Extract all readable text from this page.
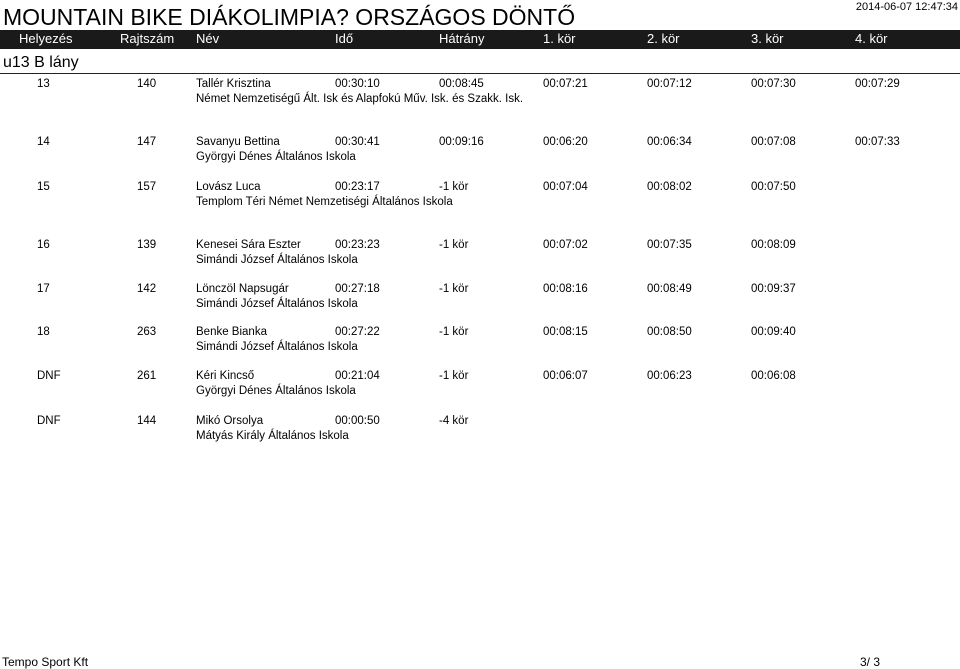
MOUNTAIN BIKE DIÁKOLIMPIA? ORSZÁGOS DÖNTŐ	2014-06-07 12:47:34
Helyezés	Rajtszám Név	Idő	Hátrány	1. kör	2. kör	3. kör	4. kör
u13 B lány
13	140	Tallér Krisztina
Német Nemzetiségű Ált. Isk és Alapfokú Műv. Isk. és Szakk. Isk.
00:30:10	00:08:45	00:07:21	00:07:12	00:07:30	00:07:29
14	147	Savanyu Bettina
Györgyi Dénes Általános Iskola
00:30:41	00:09:16	00:06:20	00:06:34	00:07:08	00:07:33
15	157	Lovász Luca
Templom Téri Német Nemzetiségi Általános Iskola
00:23:17	-1 kör	00:07:04	00:08:02	00:07:50
16	139	Kenesei Sára Eszter
Simándi József Általános Iskola
00:23:23	-1 kör	00:07:02	00:07:35	00:08:09
17	142	Lönczöl Napsugár
Simándi József Általános Iskola
00:27:18	-1 kör	00:08:16	00:08:49	00:09:37
18	263	Benke Bianka
Simándi József Általános Iskola
00:27:22	-1 kör	00:08:15	00:08:50	00:09:40
DNF	261	Kéri Kincső
Györgyi Dénes Általános Iskola
00:21:04	-1 kör	00:06:07	00:06:23	00:06:08
DNF	144	Mikó Orsolya
Mátyás Király Általános Iskola
00:00:50	-4 kör
Tempo Sport Kft	3/ 3
